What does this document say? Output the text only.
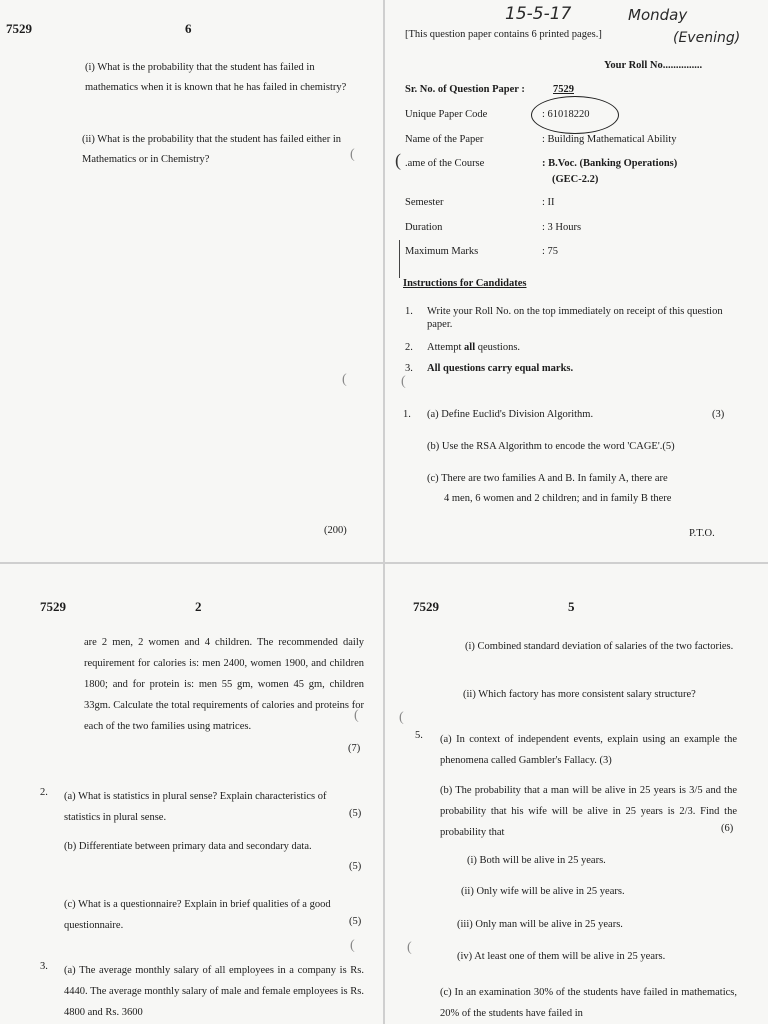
7529	6
(i) What is the probability that the student has failed in mathematics when it is known that he has failed in chemistry?
(ii) What is the probability that the student has failed either in Mathematics or in Chemistry?	(
(
(200)
15-5-17	Monday
(Evening)
[This question paper contains 6 printed pages.]
Your Roll No...............
Sr. No. of Question Paper :	7529
Unique Paper Code	: 61018220
Name of the Paper	: Building Mathematical Ability
( .ame of the Course	: B.Voc. (Banking Operations)
(GEC-2.2)
Semester	: II
Duration	: 3 Hours
Maximum Marks	: 75
Instructions for Candidates
1. Write your Roll No. on the top immediately on receipt of this question paper.
2. Attempt all qeustions.
3. All questions carry equal marks.
(
1. (a) Define Euclid's Division Algorithm.	(3)
(b) Use the RSA Algorithm to encode the word 'CAGE'.(5)
(c) There are two families A and B. In family A, there are
4 men, 6 women and 2 children; and in family B there
P.T.O.
7529	2
are 2 men, 2 women and 4 children. The recommended daily requirement for calories is: men 2400, women 1900, and children 1800; and for protein is: men 55 gm, women 45 gm, children 33gm. Calculate the total requirements of calories and proteins for each of the two families using matrices.
(7)
(
2. (a) What is statistics in plural sense? Explain characteristics of statistics in plural sense.	(5)
(b) Differentiate between primary data and secondary data.
(5)
(c) What is a questionnaire? Explain in brief qualities of a good questionnaire.	(5)
(
3. (a) The average monthly salary of all employees in a company is Rs. 4440. The average monthly salary of male and female employees is Rs. 4800 and Rs. 3600
7529	5
(i) Combined standard deviation of salaries of the two factories.
(ii) Which factory has more consistent salary structure?
(
5. (a) In context of independent events, explain using an example the phenomena called Gambler's Fallacy. (3)
(b) The probability that a man will be alive in 25 years is 3/5 and the probability that his wife will be alive in 25 years is 2/3. Find the probability that	(6)
(i) Both will be alive in 25 years.
(ii) Only wife will be alive in 25 years.
(iii) Only man will be alive in 25 years.
(
(iv) At least one of them will be alive in 25 years.
(c) In an examination 30% of the students have failed in mathematics, 20% of the students have failed in
